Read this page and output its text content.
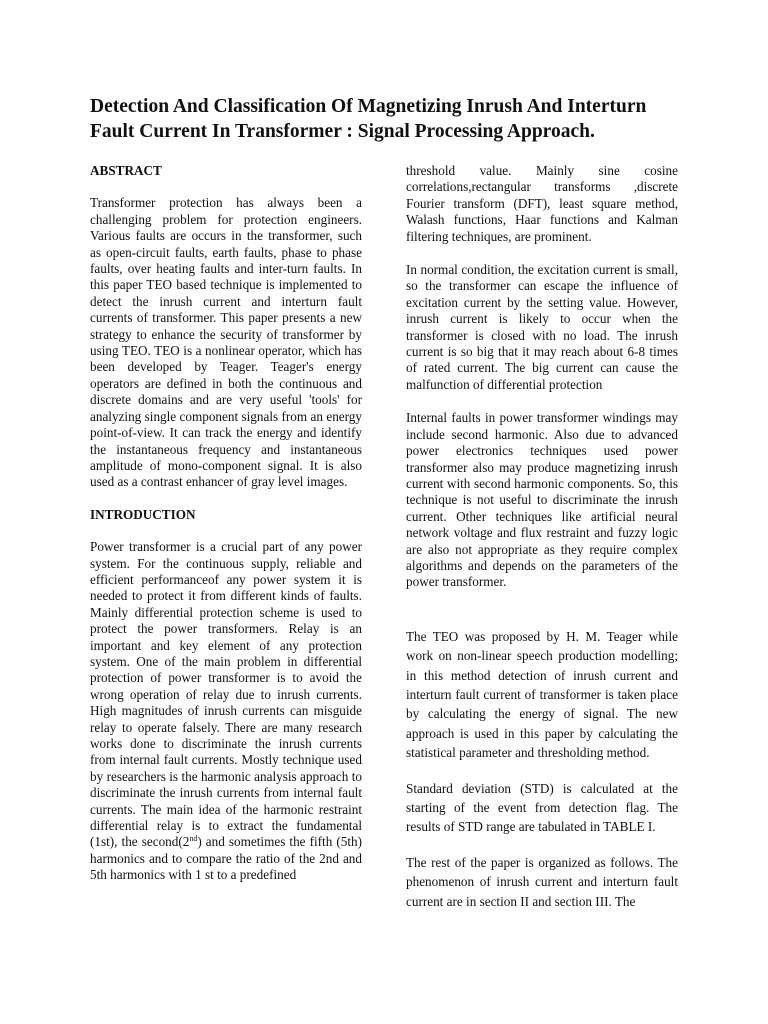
Detection And Classification Of Magnetizing Inrush And Interturn
Fault Current In Transformer : Signal Processing Approach.
ABSTRACT

Transformer protection has always been a challenging problem for protection engineers. Various faults are occurs in the transformer, such as open-circuit faults, earth faults, phase to phase faults, over heating faults and inter-turn faults. In this paper TEO based technique is implemented to detect the inrush current and interturn fault currents of transformer. This paper presents a new strategy to enhance the security of transformer by using TEO. TEO is a nonlinear operator, which has been developed by Teager. Teager's energy operators are defined in both the continuous and discrete domains and are very useful 'tools' for analyzing single component signals from an energy point-of-view. It can track the energy and identify the instantaneous frequency and instantaneous amplitude of mono-component signal. It is also used as a contrast enhancer of gray level images.

INTRODUCTION

Power transformer is a crucial part of any power system. For the continuous supply, reliable and efficient performanceof any power system it is needed to protect it from different kinds of faults. Mainly differential protection scheme is used to protect the power transformers. Relay is an important and key element of any protection system. One of the main problem in differential protection of power transformer is to avoid the wrong operation of relay due to inrush currents. High magnitudes of inrush currents can misguide relay to operate falsely. There are many research works done to discriminate the inrush currents from internal fault currents. Mostly technique used by researchers is the harmonic analysis approach to discriminate the inrush currents from internal fault currents. The main idea of the harmonic restraint differential relay is to extract the fundamental (1st), the second(2nd) and sometimes the fifth (5th) harmonics and to compare the ratio of the 2nd and 5th harmonics with 1 st to a predefined

threshold value. Mainly sine cosine correlations,rectangular transforms ,discrete Fourier transform (DFT), least square method, Walash functions, Haar functions and Kalman filtering techniques, are prominent.

In normal condition, the excitation current is small, so the transformer can escape the influence of excitation current by the setting value. However, inrush current is likely to occur when the transformer is closed with no load. The inrush current is so big that it may reach about 6-8 times of rated current. The big current can cause the malfunction of differential protection

Internal faults in power transformer windings may include second harmonic. Also due to advanced power electronics techniques used power transformer also may produce magnetizing inrush current with second harmonic components. So, this technique is not useful to discriminate the inrush current. Other techniques like artificial neural network voltage and flux restraint and fuzzy logic are also not appropriate as they require complex algorithms and depends on the parameters of the power transformer.

The TEO was proposed by H. M. Teager while work on non-linear speech production modelling; in this method detection of inrush current and interturn fault current of transformer is taken place by calculating the energy of signal. The new approach is used in this paper by calculating the statistical parameter and thresholding method.

Standard deviation (STD) is calculated at the starting of the event from detection flag. The results of STD range are tabulated in TABLE I.

The rest of the paper is organized as follows. The phenomenon of inrush current and interturn fault current are in section II and section III. The
